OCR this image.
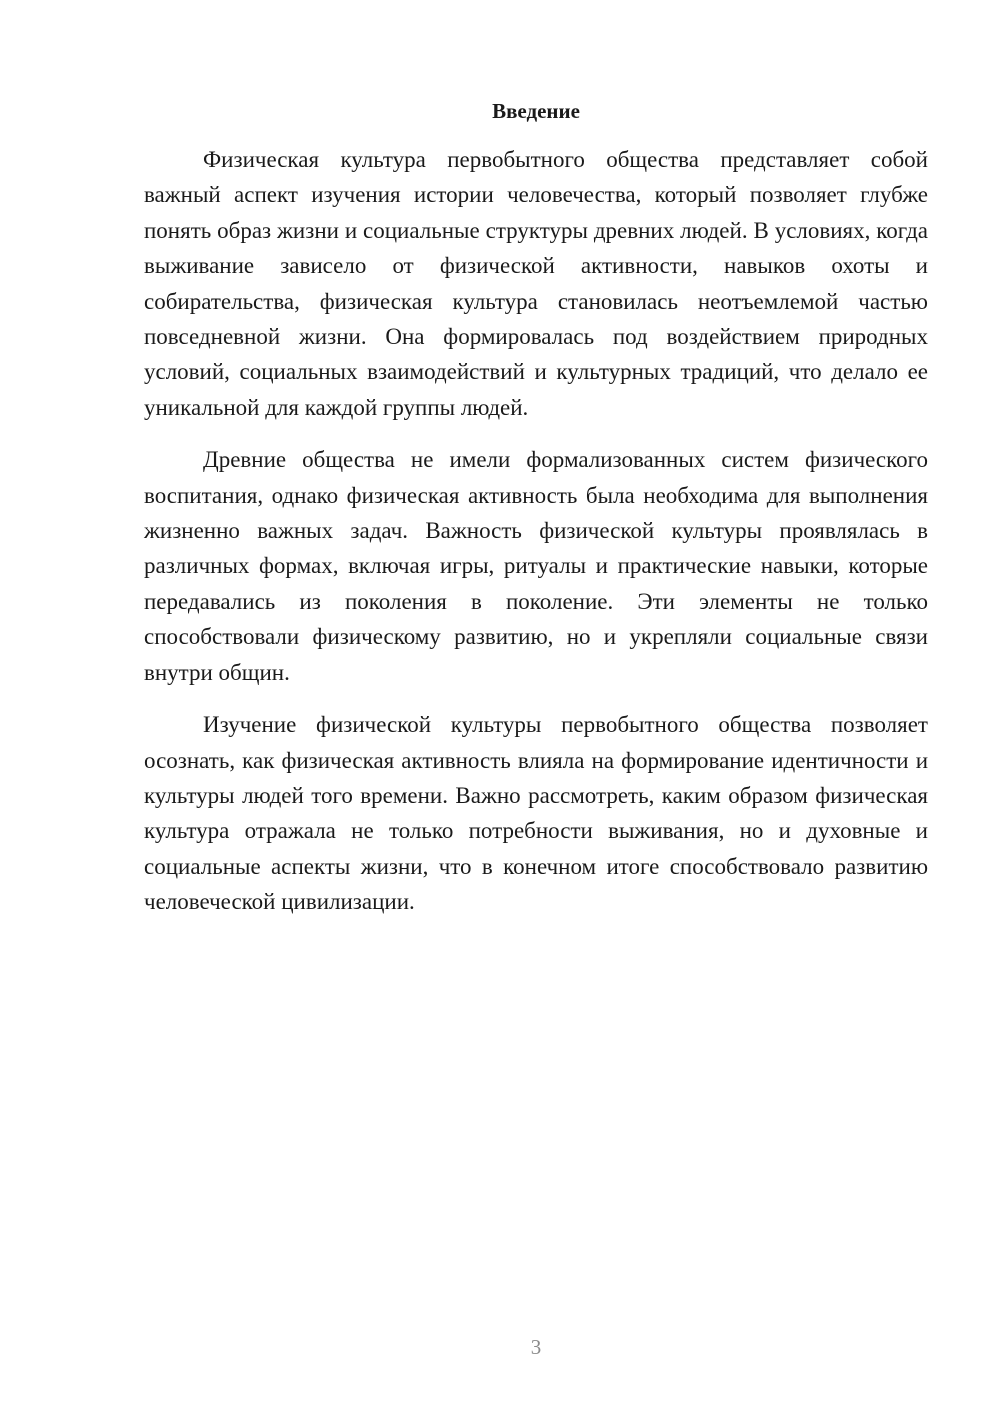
Введение

Физическая культура первобытного общества представляет собой важный аспект изучения истории человечества, который позволяет глубже понять образ жизни и социальные структуры древних людей. В условиях, когда выживание зависело от физической активности, навыков охоты и собирательства, физическая культура становилась неотъемлемой частью повседневной жизни. Она формировалась под воздействием природных условий, социальных взаимодействий и культурных традиций, что делало ее уникальной для каждой группы людей.

Древние общества не имели формализованных систем физического воспитания, однако физическая активность была необходима для выполнения жизненно важных задач. Важность физической культуры проявлялась в различных формах, включая игры, ритуалы и практические навыки, которые передавались из поколения в поколение. Эти элементы не только способствовали физическому развитию, но и укрепляли социальные связи внутри общин.

Изучение физической культуры первобытного общества позволяет осознать, как физическая активность влияла на формирование идентичности и культуры людей того времени. Важно рассмотреть, каким образом физическая культура отражала не только потребности выживания, но и духовные и социальные аспекты жизни, что в конечном итоге способствовало развитию человеческой цивилизации.

3
